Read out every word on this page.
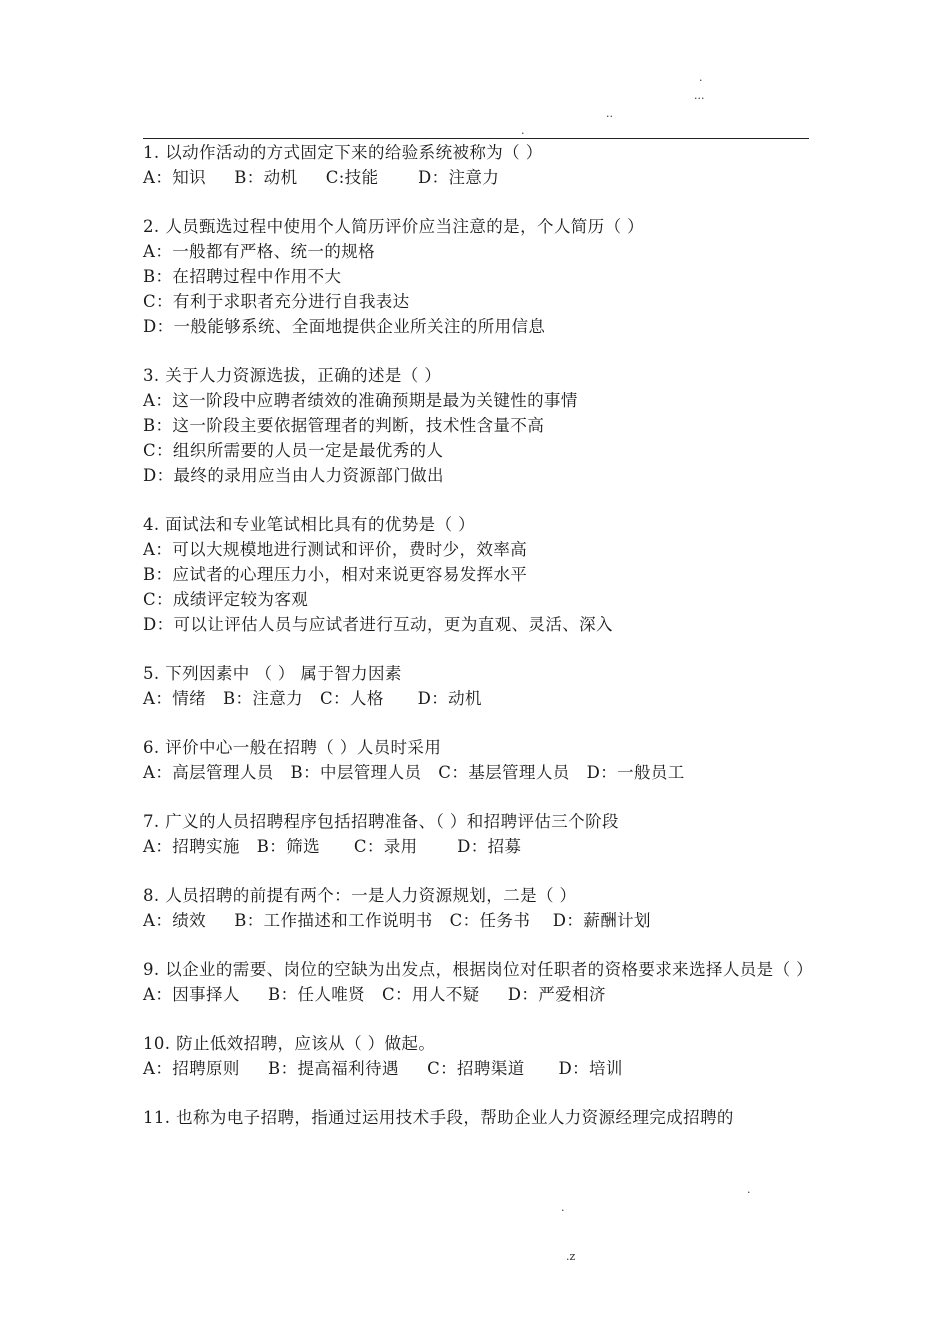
.
...
..
.
1. 以动作活动的方式固定下来的给验系统被称为（ ）
A：知识     B：动机     C:技能       D：注意力
2. 人员甄选过程中使用个人简历评价应当注意的是，个人简历（ ）
A：一般都有严格、统一的规格
B：在招聘过程中作用不大
C：有利于求职者充分进行自我表达
D：一般能够系统、全面地提供企业所关注的所用信息
3. 关于人力资源选拔，正确的述是（ ）
A：这一阶段中应聘者绩效的准确预期是最为关键性的事情
B：这一阶段主要依据管理者的判断，技术性含量不高
C：组织所需要的人员一定是最优秀的人
D：最终的录用应当由人力资源部门做出
4. 面试法和专业笔试相比具有的优势是（ ）
A：可以大规模地进行测试和评价，费时少，效率高
B：应试者的心理压力小，相对来说更容易发挥水平
C：成绩评定较为客观
D：可以让评估人员与应试者进行互动，更为直观、灵活、深入
5. 下列因素中 （ ） 属于智力因素
A：情绪   B：注意力   C：人格      D：动机
6. 评价中心一般在招聘（ ）人员时采用
A：高层管理人员   B：中层管理人员   C：基层管理人员   D：一般员工
7. 广义的人员招聘程序包括招聘准备、（ ）和招聘评估三个阶段
A：招聘实施   B：筛选      C：录用       D：招募
8. 人员招聘的前提有两个：一是人力资源规划，二是（ ）
A：绩效     B：工作描述和工作说明书   C：任务书    D：薪酬计划
9. 以企业的需要、岗位的空缺为出发点，根据岗位对任职者的资格要求来选择人员是（ ）
A：因事择人     B：任人唯贤   C：用人不疑     D：严爱相济
10. 防止低效招聘，应该从（ ）做起。
A：招聘原则     B：提高福利待遇     C：招聘渠道      D：培训
11. 也称为电子招聘，指通过运用技术手段，帮助企业人力资源经理完成招聘的
.
.
.z
